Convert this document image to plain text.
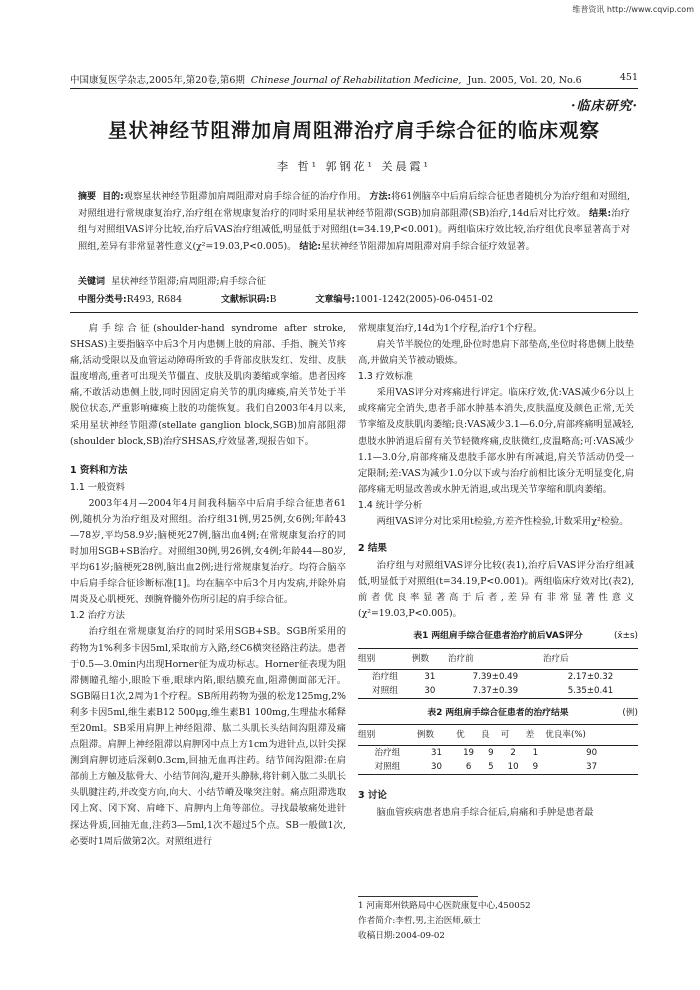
维普资讯 http://www.cqvip.com
中国康复医学杂志,2005年,第20卷,第6期 Chinese Journal of Rehabilitation Medicine, Jun. 2005, Vol. 20, No.6	451
·临床研究·
星状神经节阻滞加肩周阻滞治疗肩手综合征的临床观察
李 哲¹ 郭钢花¹ 关晨霞¹
摘要 目的:观察星状神经节阻滞加肩周阻滞对肩手综合征的治疗作用。 方法:将61例脑卒中后肩后综合征患者随机分为治疗组和对照组,对照组进行常规康复治疗,治疗组在常规康复治疗的同时采用星状神经节阻滞(SGB)加肩部阻滞(SB)治疗,14d后对比疗效。 结果:治疗组与对照组VAS评分比较,治疗后VAS治疗组减低,明显低于对照组(t=34.19,P<0.001)。两组临床疗效比较,治疗组优良率显著高于对照组,差异有非常显著性意义(χ²=19.03,P<0.005)。 结论:星状神经节阻滞加肩周阻滞对肩手综合征疗效显著。
关键词 星状神经节阻滞;肩周阻滞;肩手综合征
中图分类号:R493, R684	文献标识码:B	文章编号:1001-1242(2005)-06-0451-02

肩手综合征(shoulder-hand syndrome after stroke, SHSAS)主要指脑卒中后3个月内患侧上肢的肩部、手指、腕关节疼痛,活动受限以及血管运动障碍所致的手背部皮肤发红、发绀、皮肤温度增高,重者可出现关节僵直、皮肤及肌肉萎缩或挛缩。患者因疼痛,不敢活动患侧上肢,同时因固定肩关节的肌肉瘫痪,肩关节处于半脱位状态,严重影响瘫痪上肢的功能恢复。我们自2003年4月以来,采用星状神经节阻滞(stellate ganglion block,SGB)加肩部阻滞(shoulder block,SB)治疗SHSAS,疗效显著,现报告如下。

1 资料和方法
1.1 一般资料

2003年4月—2004年4月间我科脑卒中后肩手综合征患者61例,随机分为治疗组及对照组。治疗组31例,男25例,女6例;年龄43—78岁,平均58.9岁;脑梗死27例,脑出血4例;在常规康复治疗的同时加用SGB+SB治疗。对照组30例,男26例,女4例;年龄44—80岁,平均61岁;脑梗死28例,脑出血2例;进行常规康复治疗。均符合脑卒中后肩手综合征诊断标准[1]。均在脑卒中后3个月内发病,并除外肩周炎及心肌梗死、颈腕脊髓外伤所引起的肩手综合征。

1.2 治疗方法

治疗组在常规康复治疗的同时采用SGB+SB。SGB所采用的药物为1%利多卡因5ml,采取前方入路,经C6横突径路注药法。患者于0.5—3.0min内出现Horner征为成功标志。Horner征表现为阻滞侧瞳孔缩小,眼睑下垂,眼球内陷,眼结膜充血,阻滞侧面部无汗。SGB隔日1次,2周为1个疗程。SB所用药物为强的松龙125mg,2%利多卡因5ml,维生素B12 500μg,维生素B1 100mg,生理盐水稀释至20ml。SB采用肩胛上神经阻滞、肱二头肌长头结间沟阻滞及痛点阻滞。肩胛上神经阻滞以肩胛冈中点上方1cm为进针点,以针尖探测到肩胛切迹后深刺0.3cm,回抽无血再注药。结节间沟阻滞:在肩部前上方触及肱骨大、小结节间沟,避开头静脉,将针刺入肱二头肌长头肌腱注药,并改变方向,向大、小结节嵴及喙突注射。痛点阻滞选取冈上窝、冈下窝、肩峰下、肩胛内上角等部位。寻找最敏痛处进针探达骨质,回抽无血,注药3—5ml,1次不超过5个点。SB一般做1次,必要时1周后做第2次。对照组进行

常规康复治疗,14d为1个疗程,治疗1个疗程。

肩关节半脱位的处理,卧位时患肩下部垫高,坐位时将患侧上肢垫高,并做肩关节被动锻炼。

1.3 疗效标准

采用VAS评分对疼痛进行评定。临床疗效,优:VAS减少6分以上或疼痛完全消失,患者手部水肿基本消失,皮肤温度及颜色正常,无关节挛缩及皮肤肌肉萎缩;良:VAS减少3.1—6.0分,肩部疼痛明显减轻,患肢水肿消退后留有关节轻微疼痛,皮肤微红,皮温略高;可:VAS减少1.1—3.0分,肩部疼痛及患肢手部水肿有所减退,肩关节活动仍受一定限制;差:VAS为减少1.0分以下或与治疗前相比该分无明显变化,肩部疼痛无明显改善或水肿无消退,或出现关节挛缩和肌肉萎缩。

1.4 统计学分析

两组VAS评分对比采用t检验,方差齐性检验,计数采用χ²检验。

2 结果

治疗组与对照组VAS评分比较(表1),治疗后VAS评分治疗组减低,明显低于对照组(t=34.19,P<0.001)。两组临床疗效对比(表2),前者优良率显著高于后者,差异有非常显著性意义(χ²=19.03,P<0.005)。

表1 两组肩手综合征患者治疗前后VAS评分	(x̄±s)
组别	例数	治疗前	治疗后
治疗组	31	7.39±0.49	2.17±0.32
对照组	30	7.37±0.39	5.35±0.41
表2 两组肩手综合征患者的治疗结果	(例)
组别	例数	优	良	可	差	优良率(%)
治疗组	31	19	9	2	1	90
对照组	30	6	5	10	9	37
3 讨论

脑血管疾病患者患肩手综合征后,肩痛和手肿是患者最

1 河南郑州铁路局中心医院康复中心,450052
作者简介:李哲,男,主治医师,硕士
收稿日期:2004-09-02
